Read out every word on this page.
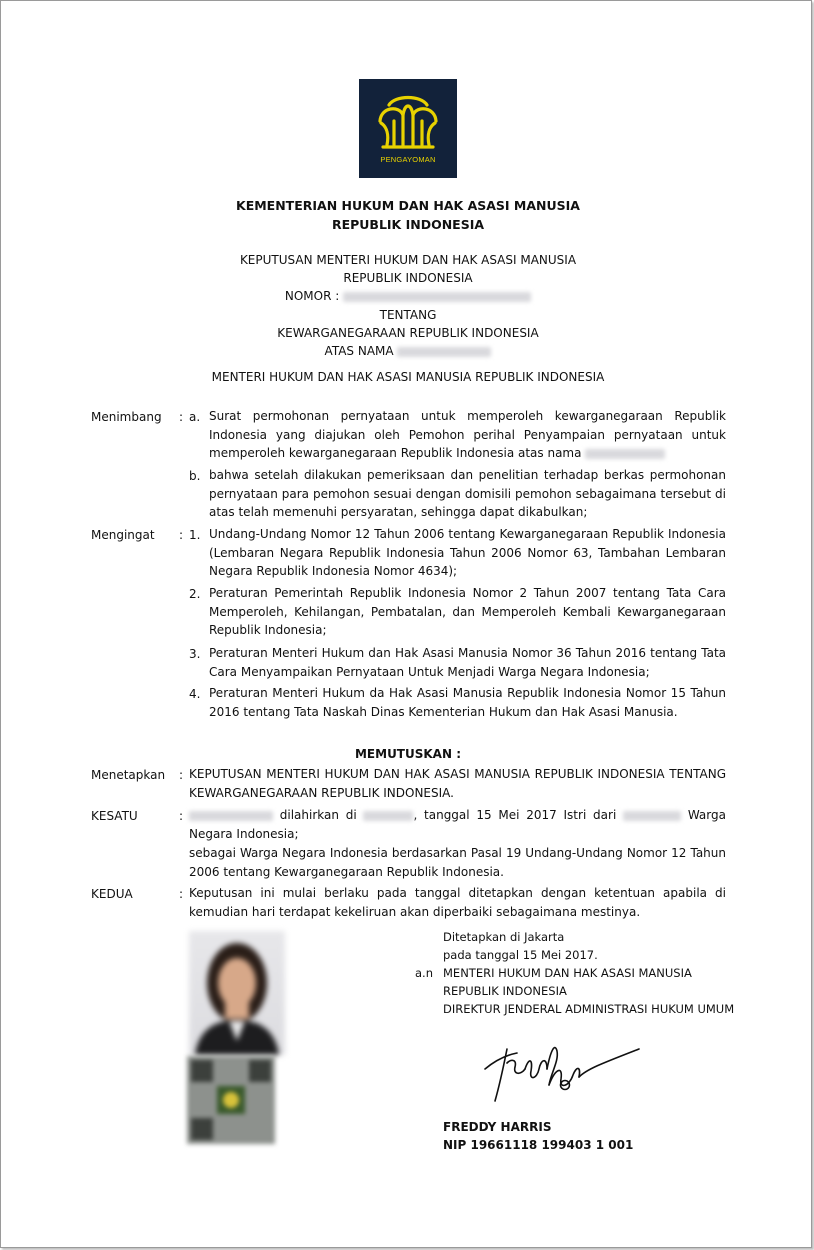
PENGAYOMAN
KEMENTERIAN HUKUM DAN HAK ASASI MANUSIA
REPUBLIK INDONESIA
KEPUTUSAN MENTERI HUKUM DAN HAK ASASI MANUSIA
REPUBLIK INDONESIA
NOMOR :
TENTANG
KEWARGANEGARAAN REPUBLIK INDONESIA
ATAS NAMA
MENTERI HUKUM DAN HAK ASASI MANUSIA REPUBLIK INDONESIA
Menimbang : a. Surat permohonan pernyataan untuk memperoleh kewarganegaraan Republik Indonesia yang diajukan oleh Pemohon perihal Penyampaian pernyataan untuk memperoleh kewarganegaraan Republik Indonesia atas nama
b. bahwa setelah dilakukan pemeriksaan dan penelitian terhadap berkas permohonan pernyataan para pemohon sesuai dengan domisili pemohon sebagaimana tersebut di atas telah memenuhi persyaratan, sehingga dapat dikabulkan;
Mengingat : 1. Undang-Undang Nomor 12 Tahun 2006 tentang Kewarganegaraan Republik Indonesia (Lembaran Negara Republik Indonesia Tahun 2006 Nomor 63, Tambahan Lembaran Negara Republik Indonesia Nomor 4634);
2. Peraturan Pemerintah Republik Indonesia Nomor 2 Tahun 2007 tentang Tata Cara Memperoleh, Kehilangan, Pembatalan, dan Memperoleh Kembali Kewarganegaraan Republik Indonesia;
3. Peraturan Menteri Hukum dan Hak Asasi Manusia Nomor 36 Tahun 2016 tentang Tata Cara Menyampaikan Pernyataan Untuk Menjadi Warga Negara Indonesia;
4. Peraturan Menteri Hukum da Hak Asasi Manusia Republik Indonesia Nomor 15 Tahun 2016 tentang Tata Naskah Dinas Kementerian Hukum dan Hak Asasi Manusia.
MEMUTUSKAN :
Menetapkan : KEPUTUSAN MENTERI HUKUM DAN HAK ASASI MANUSIA REPUBLIK INDONESIA TENTANG KEWARGANEGARAAN REPUBLIK INDONESIA.
KESATU	:	dilahirkan di	, tanggal 15 Mei 2017 Istri dari	Warga
Negara Indonesia;
sebagai Warga Negara Indonesia berdasarkan Pasal 19 Undang-Undang Nomor 12 Tahun 2006 tentang Kewarganegaraan Republik Indonesia.
KEDUA	: Keputusan ini mulai berlaku pada tanggal ditetapkan dengan ketentuan apabila di kemudian hari terdapat kekeliruan akan diperbaiki sebagaimana mestinya.
Ditetapkan di Jakarta
pada tanggal 15 Mei 2017.
a.n MENTERI HUKUM DAN HAK ASASI MANUSIA
REPUBLIK INDONESIA
DIREKTUR JENDERAL ADMINISTRASI HUKUM UMUM
FREDDY HARRIS
NIP 19661118 199403 1 001
